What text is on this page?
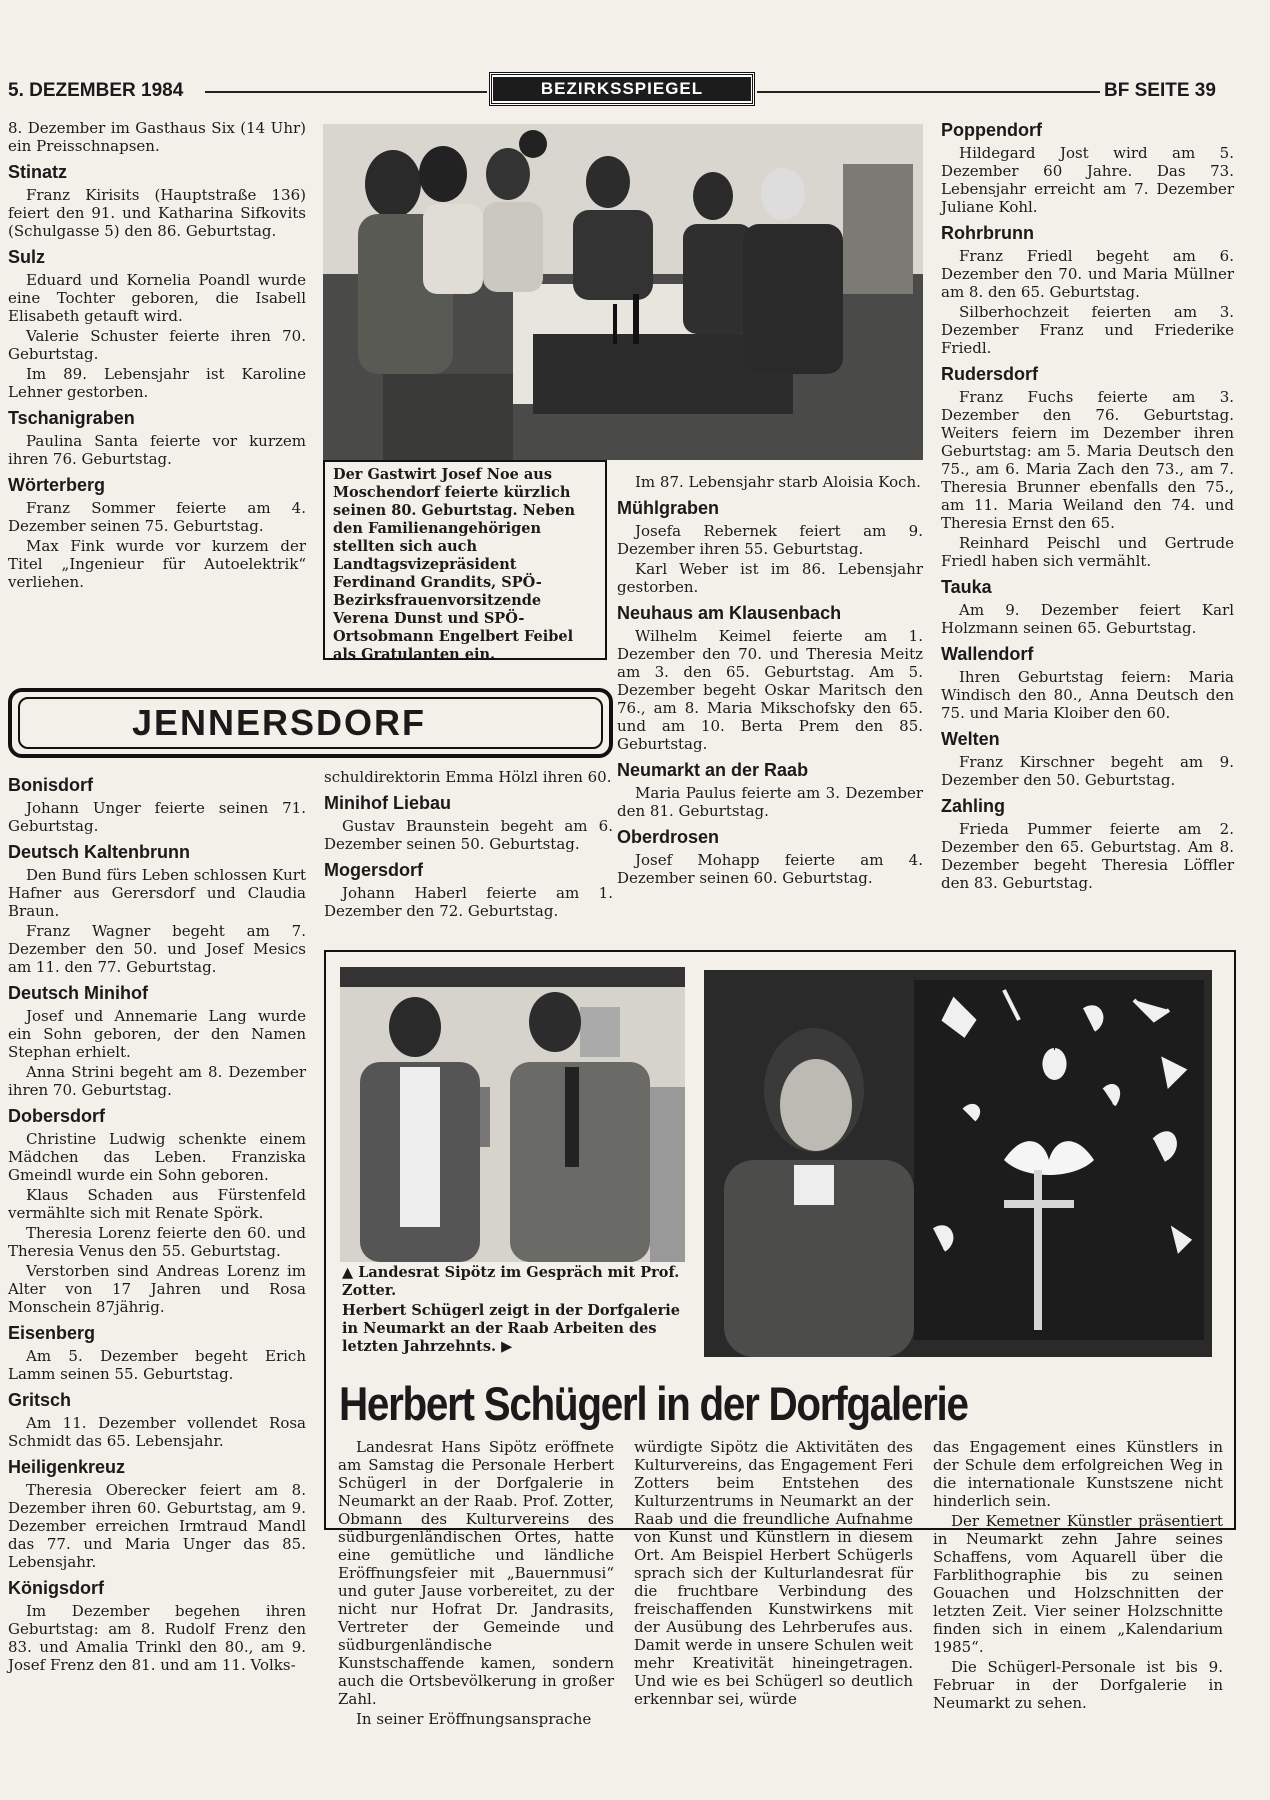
5. DEZEMBER 1984	BEZIRKSSPIEGEL	BF SEITE 39

8. Dezember im Gasthaus Six (14 Uhr) ein Preisschnapsen.

Stinatz

Franz Kirisits (Hauptstraße 136) feiert den 91. und Katharina Sifkovits (Schulgasse 5) den 86. Geburtstag.

Sulz

Eduard und Kornelia Poandl wurde eine Tochter geboren, die Isabell Elisabeth getauft wird.

Valerie Schuster feierte ihren 70. Geburtstag.

Im 89. Lebensjahr ist Karoline Lehner gestorben.

Tschanigraben

Paulina Santa feierte vor kurzem ihren 76. Geburtstag.

Wörterberg

Franz Sommer feierte am 4. Dezember seinen 75. Geburtstag.

Max Fink wurde vor kurzem der Titel „Ingenieur für Autoelektrik“ verliehen.

Der Gastwirt Josef Noe aus Moschendorf feierte kürzlich seinen 80. Geburtstag. Neben den Familienangehörigen stellten sich auch Landtagsvizepräsident Ferdinand Grandits, SPÖ-Bezirksfrauenvorsitzende Verena Dunst und SPÖ-Ortsobmann Engelbert Feibel als Gratulanten ein.

Im 87. Lebensjahr starb Aloisia Koch.

Mühlgraben

Josefa Rebernek feiert am 9. Dezember ihren 55. Geburtstag.

Karl Weber ist im 86. Lebensjahr gestorben.

Neuhaus am Klausenbach

Wilhelm Keimel feierte am 1. Dezember den 70. und Theresia Meitz am 3. den 65. Geburtstag. Am 5. Dezember begeht Oskar Maritsch den 76., am 8. Maria Mikschofsky den 65. und am 10. Berta Prem den 85. Geburtstag.

Neumarkt an der Raab

Maria Paulus feierte am 3. Dezember den 81. Geburtstag.

Oberdrosen

Josef Mohapp feierte am 4. Dezember seinen 60. Geburtstag.

Poppendorf

Hildegard Jost wird am 5. Dezember 60 Jahre. Das 73. Lebensjahr erreicht am 7. Dezember Juliane Kohl.

Rohrbrunn

Franz Friedl begeht am 6. Dezember den 70. und Maria Müllner am 8. den 65. Geburtstag.

Silberhochzeit feierten am 3. Dezember Franz und Friederike Friedl.

Rudersdorf

Franz Fuchs feierte am 3. Dezember den 76. Geburtstag. Weiters feiern im Dezember ihren Geburtstag: am 5. Maria Deutsch den 75., am 6. Maria Zach den 73., am 7. Theresia Brunner ebenfalls den 75., am 11. Maria Weiland den 74. und Theresia Ernst den 65.

Reinhard Peischl und Gertrude Friedl haben sich vermählt.

Tauka

Am 9. Dezember feiert Karl Holzmann seinen 65. Geburtstag.

Wallendorf

Ihren Geburtstag feiern: Maria Windisch den 80., Anna Deutsch den 75. und Maria Kloiber den 60.

Welten

Franz Kirschner begeht am 9. Dezember den 50. Geburtstag.

Zahling

Frieda Pummer feierte am 2. Dezember den 65. Geburtstag. Am 8. Dezember begeht Theresia Löffler den 83. Geburtstag.

JENNERSDORF
Bonisdorf

Johann Unger feierte seinen 71. Geburtstag.

Deutsch Kaltenbrunn

Den Bund fürs Leben schlossen Kurt Hafner aus Gerersdorf und Claudia Braun.

Franz Wagner begeht am 7. Dezember den 50. und Josef Mesics am 11. den 77. Geburtstag.

Deutsch Minihof

Josef und Annemarie Lang wurde ein Sohn geboren, der den Namen Stephan erhielt.

Anna Strini begeht am 8. Dezember ihren 70. Geburtstag.

Dobersdorf

Christine Ludwig schenkte einem Mädchen das Leben. Franziska Gmeindl wurde ein Sohn geboren.

Klaus Schaden aus Fürstenfeld vermählte sich mit Renate Spörk.

Theresia Lorenz feierte den 60. und Theresia Venus den 55. Geburtstag.

Verstorben sind Andreas Lorenz im Alter von 17 Jahren und Rosa Monschein 87jährig.

Eisenberg

Am 5. Dezember begeht Erich Lamm seinen 55. Geburtstag.

Gritsch

Am 11. Dezember vollendet Rosa Schmidt das 65. Lebensjahr.

Heiligenkreuz

Theresia Oberecker feiert am 8. Dezember ihren 60. Geburtstag, am 9. Dezember erreichen Irmtraud Mandl das 77. und Maria Unger das 85. Lebensjahr.

Königsdorf

Im Dezember begehen ihren Geburtstag: am 8. Rudolf Frenz den 83. und Amalia Trinkl den 80., am 9. Josef Frenz den 81. und am 11. Volks-

schuldirektorin Emma Hölzl ihren 60.

Minihof Liebau

Gustav Braunstein begeht am 6. Dezember seinen 50. Geburtstag.

Mogersdorf

Johann Haberl feierte am 1. Dezember den 72. Geburtstag.

▲ Landesrat Sipötz im Gespräch mit Prof. Zotter.
Herbert Schügerl zeigt in der Dorfgalerie in Neumarkt an der Raab Arbeiten des letzten Jahrzehnts. ▶
Herbert Schügerl in der Dorfgalerie

Landesrat Hans Sipötz eröffnete am Samstag die Personale Herbert Schügerl in der Dorfgalerie in Neumarkt an der Raab. Prof. Zotter, Obmann des Kulturvereins des südburgenländischen Ortes, hatte eine gemütliche und ländliche Eröffnungsfeier mit „Bauernmusi“ und guter Jause vorbereitet, zu der nicht nur Hofrat Dr. Jandrasits, Vertreter der Gemeinde und südburgenländische Kunstschaffende kamen, sondern auch die Ortsbevölkerung in großer Zahl.

In seiner Eröffnungsansprache

würdigte Sipötz die Aktivitäten des Kulturvereins, das Engagement Feri Zotters beim Entstehen des Kulturzentrums in Neumarkt an der Raab und die freundliche Aufnahme von Kunst und Künstlern in diesem Ort. Am Beispiel Herbert Schügerls sprach sich der Kulturlandesrat für die fruchtbare Verbindung des freischaffenden Kunstwirkens mit der Ausübung des Lehrberufes aus. Damit werde in unsere Schulen weit mehr Kreativität hineingetragen. Und wie es bei Schügerl so deutlich erkennbar sei, würde

das Engagement eines Künstlers in der Schule dem erfolgreichen Weg in die internationale Kunstszene nicht hinderlich sein.

Der Kemetner Künstler präsentiert in Neumarkt zehn Jahre seines Schaffens, vom Aquarell über die Farblithographie bis zu seinen Gouachen und Holzschnitten der letzten Zeit. Vier seiner Holzschnitte finden sich in einem „Kalendarium 1985“.

Die Schügerl-Personale ist bis 9. Februar in der Dorfgalerie in Neumarkt zu sehen.
